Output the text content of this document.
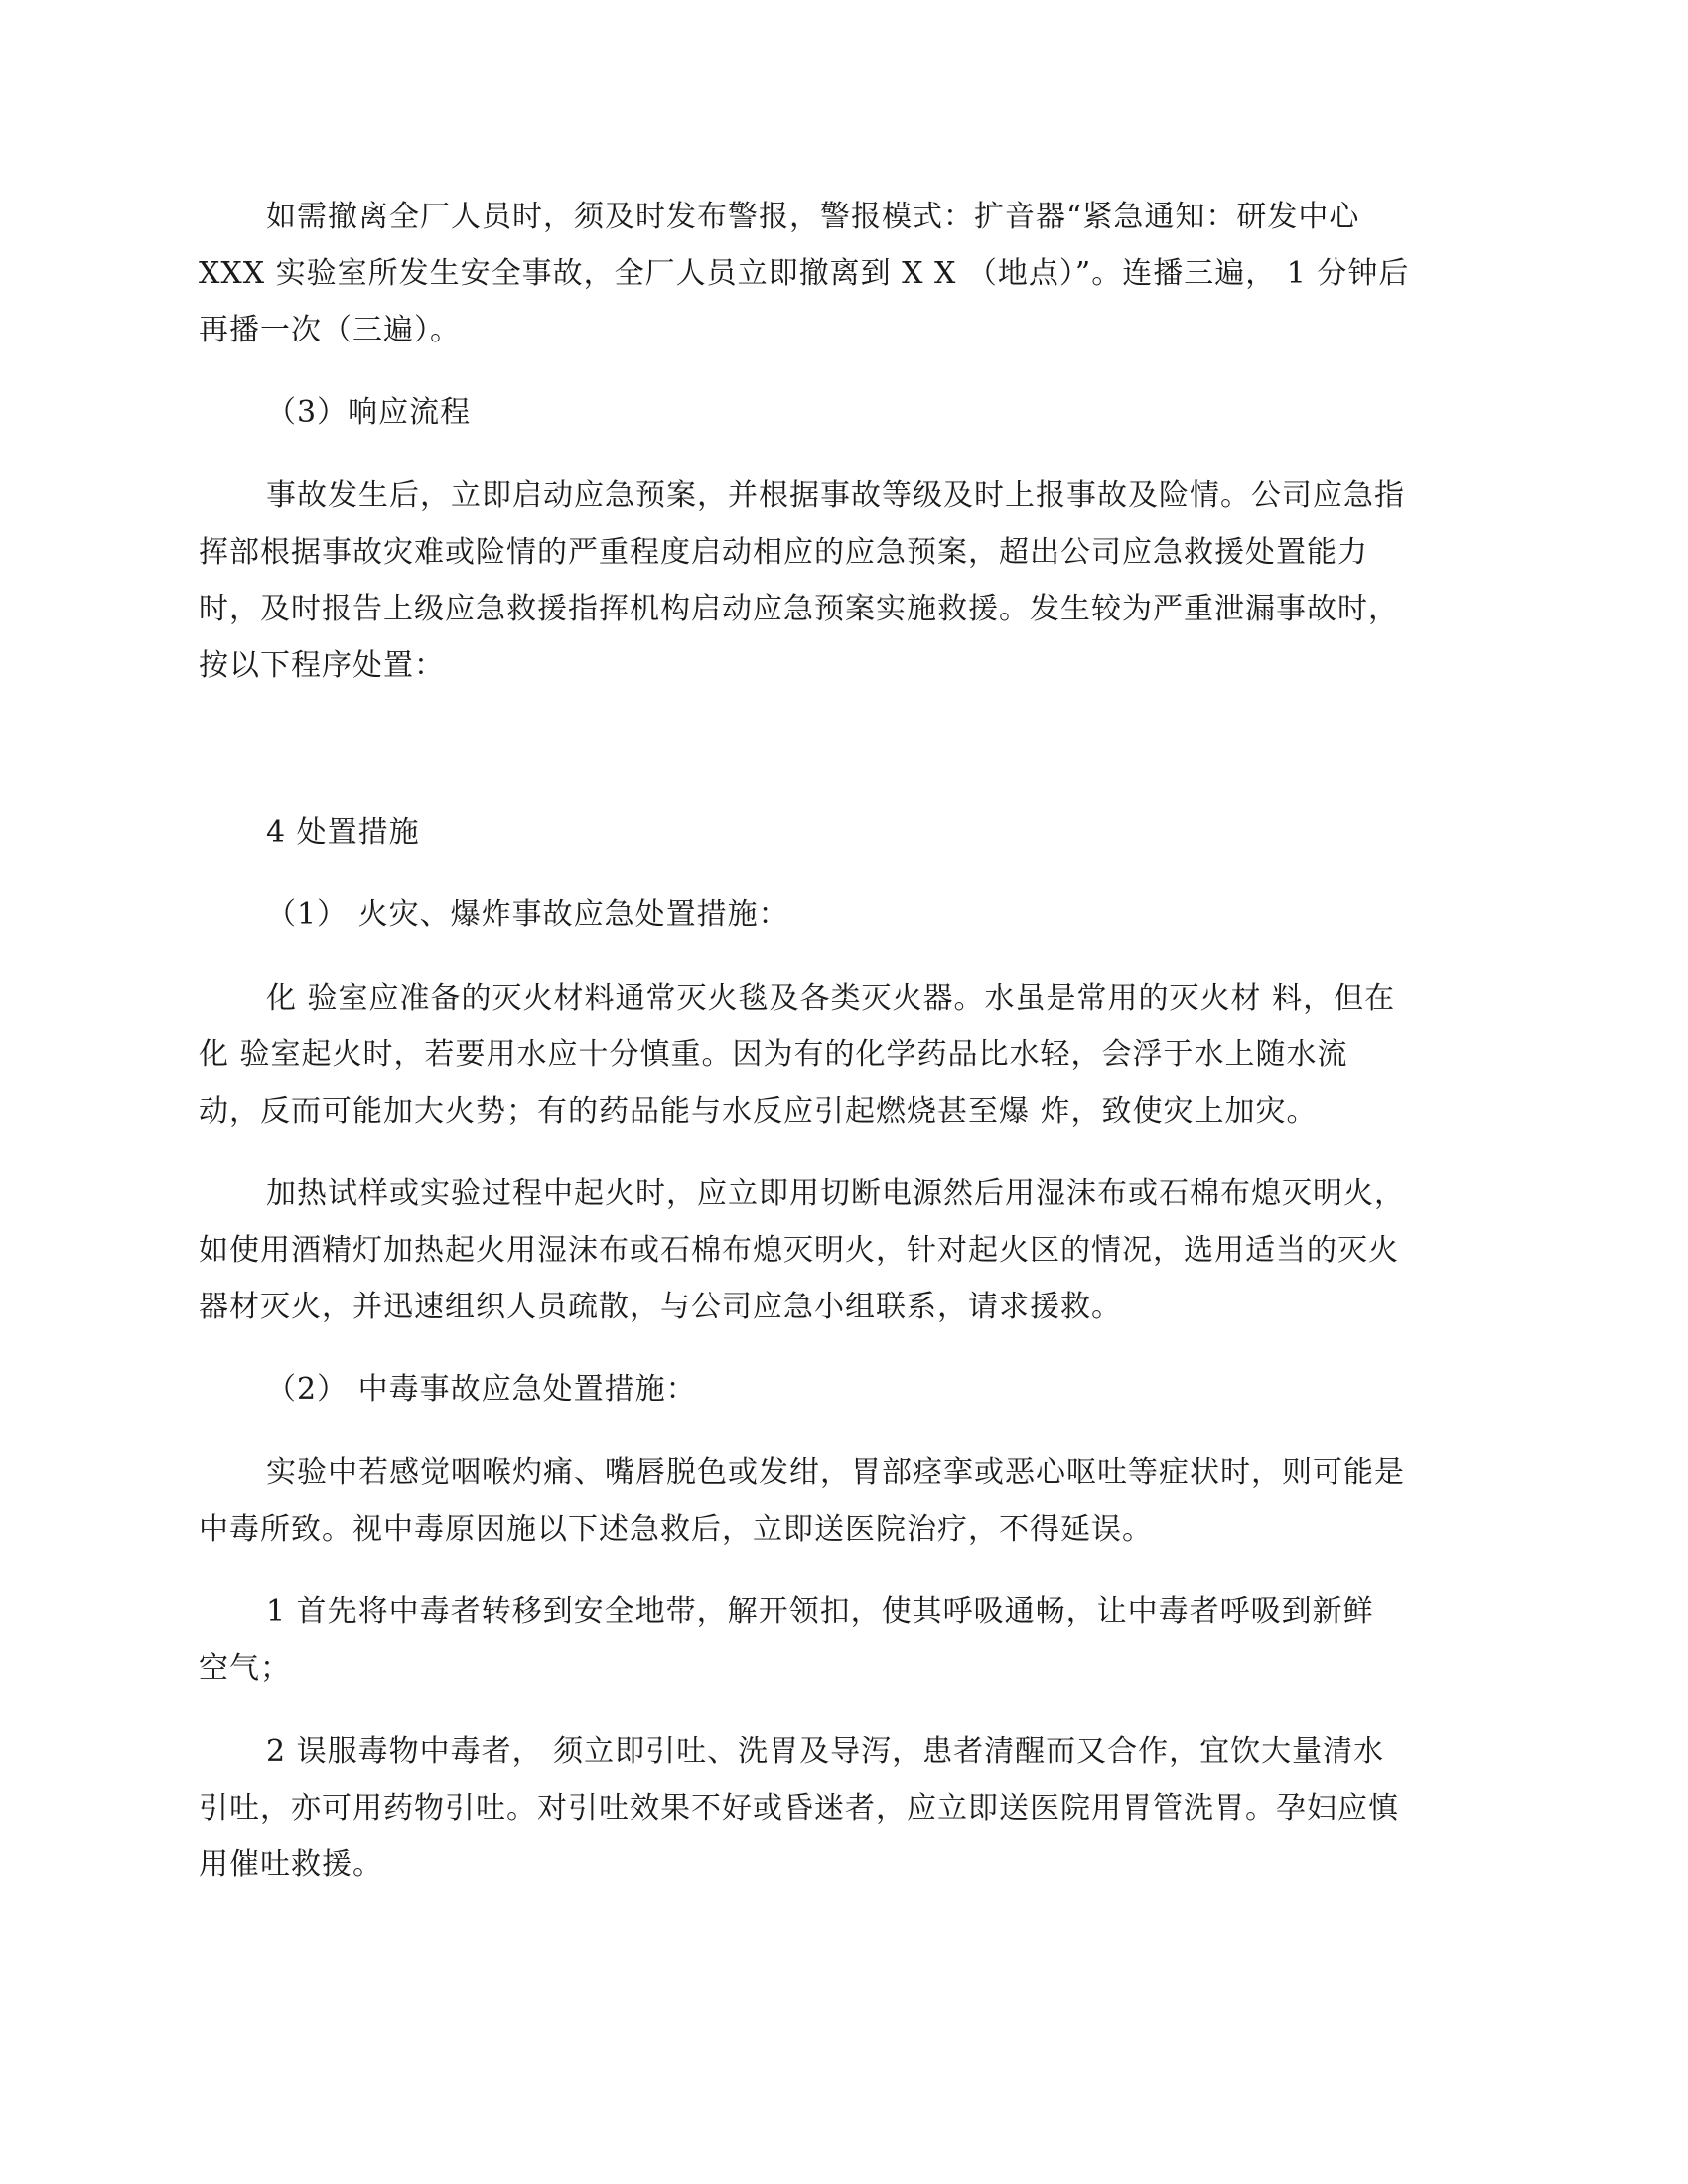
如需撤离全厂人员时，须及时发布警报，警报模式：扩音器“紧急通知：研发中心
XXX 实验室所发生安全事故，全厂人员立即撤离到 X X （地点）”。连播三遍， 1 分钟后
再播一次（三遍）。
（3）响应流程
事故发生后，立即启动应急预案，并根据事故等级及时上报事故及险情。公司应急指
挥部根据事故灾难或险情的严重程度启动相应的应急预案，超出公司应急救援处置能力
时，及时报告上级应急救援指挥机构启动应急预案实施救援。发生较为严重泄漏事故时，
按以下程序处置：
4 处置措施
（1） 火灾、爆炸事故应急处置措施：
化 验室应准备的灭火材料通常灭火毯及各类灭火器。水虽是常用的灭火材 料，但在
化 验室起火时，若要用水应十分慎重。因为有的化学药品比水轻，会浮于水上随水流
动，反而可能加大火势；有的药品能与水反应引起燃烧甚至爆 炸，致使灾上加灾。
加热试样或实验过程中起火时，应立即用切断电源然后用湿沫布或石棉布熄灭明火，
如使用酒精灯加热起火用湿沫布或石棉布熄灭明火，针对起火区的情况，选用适当的灭火
器材灭火，并迅速组织人员疏散，与公司应急小组联系，请求援救。
（2） 中毒事故应急处置措施：
实验中若感觉咽喉灼痛、嘴唇脱色或发绀，胃部痉挛或恶心呕吐等症状时，则可能是
中毒所致。视中毒原因施以下述急救后，立即送医院治疗，不得延误。
1 首先将中毒者转移到安全地带，解开领扣，使其呼吸通畅，让中毒者呼吸到新鲜
空气；
2 误服毒物中毒者， 须立即引吐、洗胃及导泻，患者清醒而又合作，宜饮大量清水
引吐，亦可用药物引吐。对引吐效果不好或昏迷者，应立即送医院用胃管洗胃。孕妇应慎
用催吐救援。
